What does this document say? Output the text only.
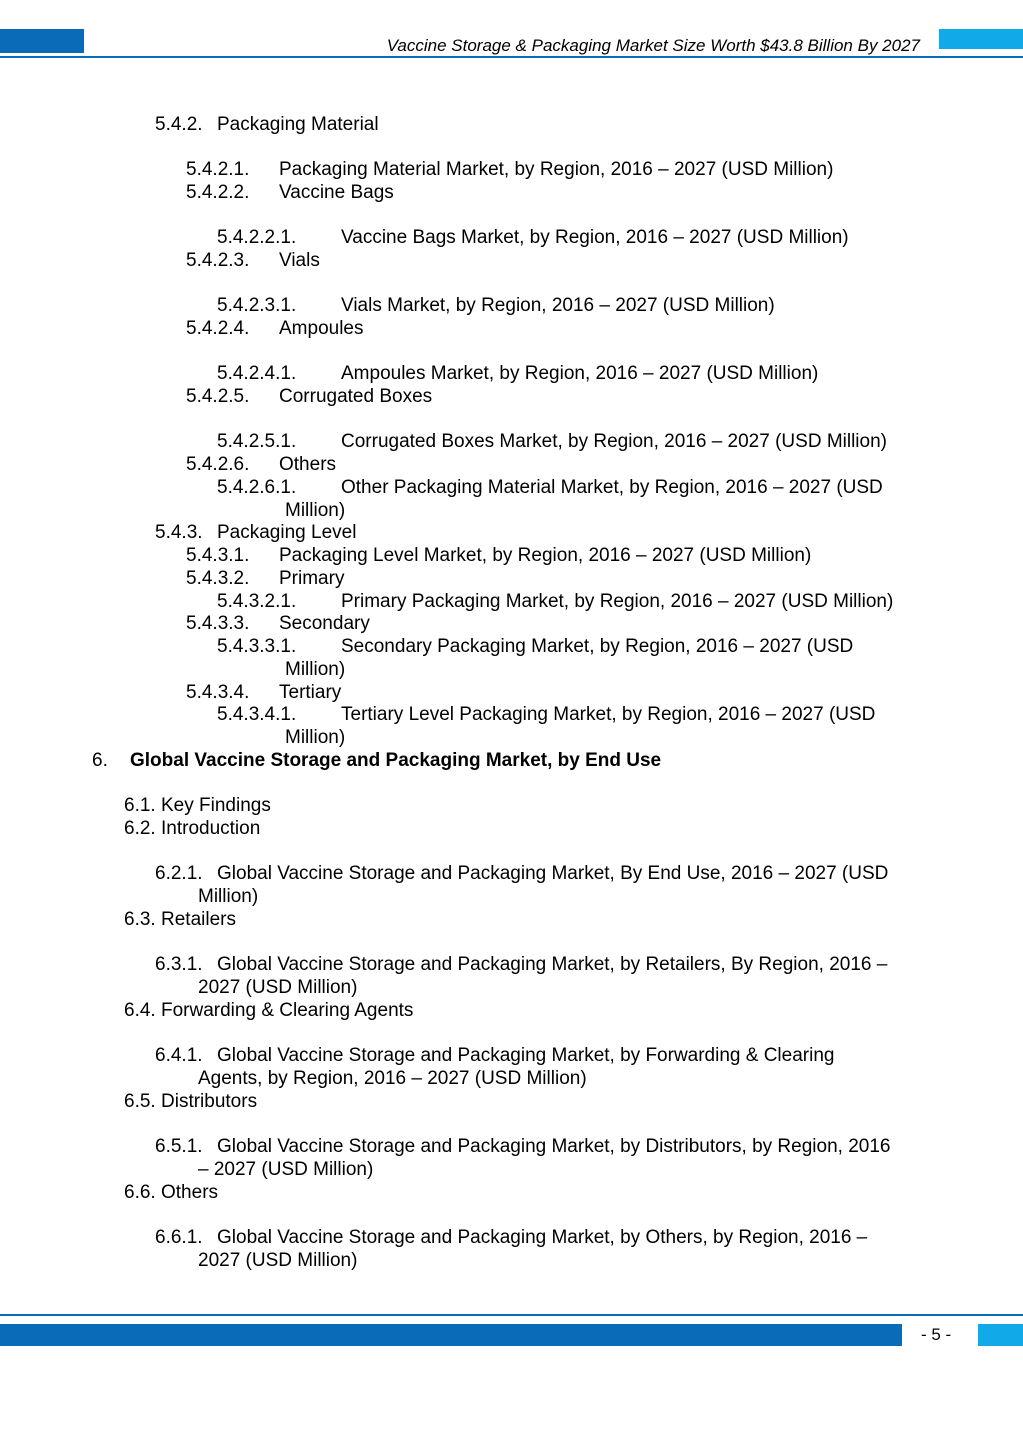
Vaccine Storage & Packaging Market Size Worth $43.8 Billion By 2027
5.4.2. Packaging Material
5.4.2.1. Packaging Material Market, by Region, 2016 – 2027 (USD Million)
5.4.2.2. Vaccine Bags
5.4.2.2.1. Vaccine Bags Market, by Region, 2016 – 2027 (USD Million)
5.4.2.3. Vials
5.4.2.3.1. Vials Market, by Region, 2016 – 2027 (USD Million)
5.4.2.4. Ampoules
5.4.2.4.1. Ampoules Market, by Region, 2016 – 2027 (USD Million)
5.4.2.5. Corrugated Boxes
5.4.2.5.1. Corrugated Boxes Market, by Region, 2016 – 2027 (USD Million)
5.4.2.6. Others
5.4.2.6.1. Other Packaging Material Market, by Region, 2016 – 2027 (USD
Million)
5.4.3. Packaging Level
5.4.3.1. Packaging Level Market, by Region, 2016 – 2027 (USD Million)
5.4.3.2. Primary
5.4.3.2.1. Primary Packaging Market, by Region, 2016 – 2027 (USD Million)
5.4.3.3. Secondary
5.4.3.3.1. Secondary Packaging Market, by Region, 2016 – 2027 (USD
Million)
5.4.3.4. Tertiary
5.4.3.4.1. Tertiary Level Packaging Market, by Region, 2016 – 2027 (USD
Million)
6. Global Vaccine Storage and Packaging Market, by End Use
6.1. Key Findings
6.2. Introduction
6.2.1. Global Vaccine Storage and Packaging Market, By End Use, 2016 – 2027 (USD
Million)
6.3. Retailers
6.3.1. Global Vaccine Storage and Packaging Market, by Retailers, By Region, 2016 –
2027 (USD Million)
6.4. Forwarding & Clearing Agents
6.4.1. Global Vaccine Storage and Packaging Market, by Forwarding & Clearing
Agents, by Region, 2016 – 2027 (USD Million)
6.5. Distributors
6.5.1. Global Vaccine Storage and Packaging Market, by Distributors, by Region, 2016
– 2027 (USD Million)
6.6. Others
6.6.1. Global Vaccine Storage and Packaging Market, by Others, by Region, 2016 –
2027 (USD Million)
- 5 -
